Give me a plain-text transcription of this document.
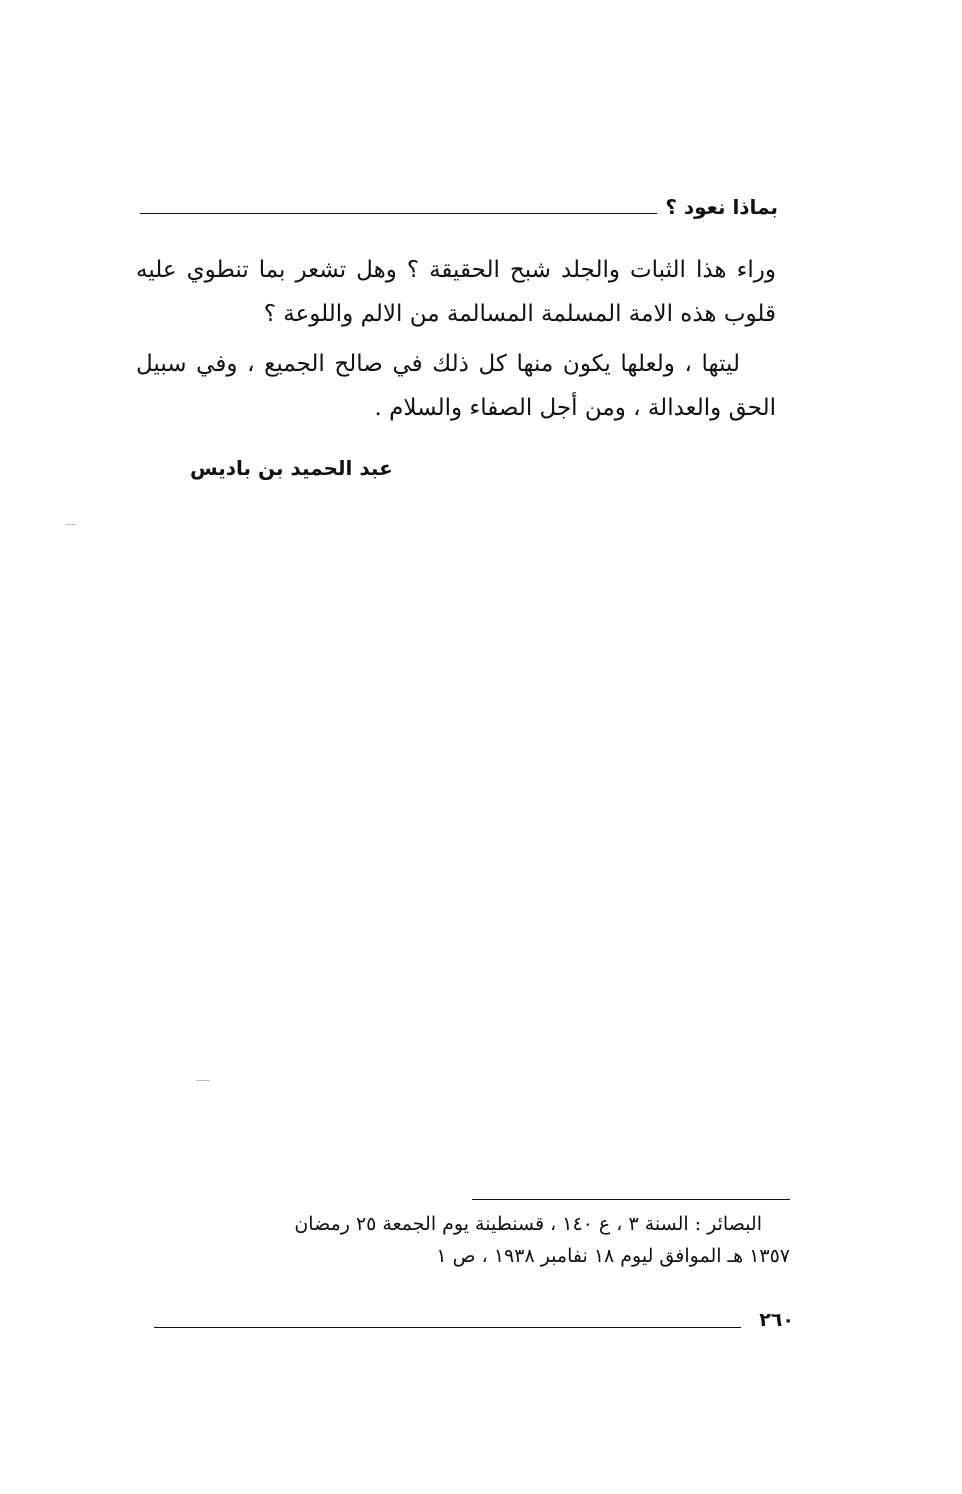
بماذا نعود ؟

وراء هذا الثبات والجلد شبح الحقيقة ؟ وهل تشعر بما تنطوي عليه قلوب هذه الامة المسلمة المسالمة من الالم واللوعة ؟

ليتها ، ولعلها يكون منها كل ذلك في صالح الجميع ، وفي سبيل الحق والعدالة ، ومن أجل الصفاء والسلام .

عبد الحميد بن باديس

البصائر : السنة ٣ ، ع ١٤٠ ، قسنطينة يوم الجمعة ٢٥ رمضان

١٣٥٧ هـ الموافق ليوم ١٨ نفامبر ١٩٣٨ ، ص ١

٢٦٠
